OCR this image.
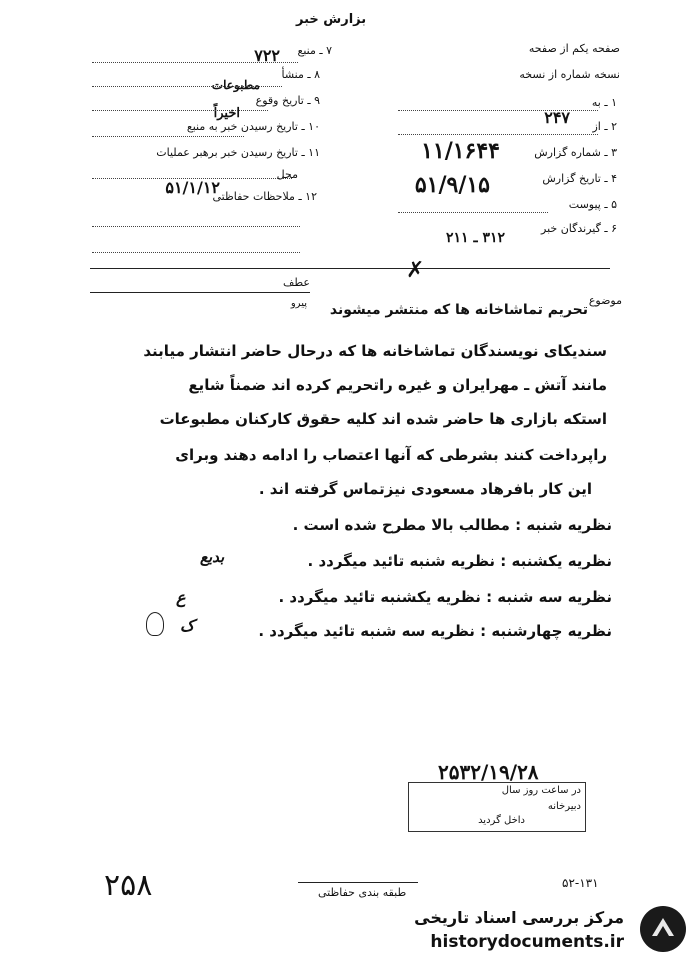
بزارش خبر
صفحه یکم از صفحه
نسخه شماره از نسخه
۱ ـ به
۲ ـ از
۲۴۷
۳ ـ شماره گزارش
۱۱/۱۶۴۴
۴ ـ تاریخ گزارش
۵۱/۹/۱۵
۵ ـ پیوست
۶ ـ گیرندگان خبر
۳۱۲ ـ ۲۱۱
۷ ـ منبع
۷۲۲
۸ ـ منشأ
مطبوعات
۹ ـ تاریخ وقوع
اخیراً
۱۰ ـ تاریخ رسیدن خبر به منبع
۱۱ ـ تاریخ رسیدن خبر برهبر عملیات
محل
۵۱/۱/۱۲
۱۲ ـ ملاحظات حفاظتی
✗
عطف
پیرو	موضوع
تحریم تماشاخانه ها که منتشر میشوند
سندیکای نویسندگان تماشاخانه ها که درحال حاضر انتشار میابند
مانند آتش ـ مهرایران و غیره راتحریم کرده اند ضمناً شایع
استکه بازاری ها حاضر شده اند کلیه حقوق کارکنان مطبوعات
راپرداخت کنند بشرطی که آنها اعتصاب را ادامه دهند وبرای
این کار بافرهاد مسعودی نیزتماس گرفته اند .
نظریه شنبه : مطالب بالا مطرح شده است .
نظریه یکشنبه : نظریه شنبه تائید میگردد .
نظریه سه شنبه : نظریه یکشنبه تائید میگردد .
نظریه چهارشنبه : نظریه سه شنبه تائید میگردد .
بدیع
ع
ک
۲۵۳۲/۱۹/۲۸
در ساعت روز سال
دبیرخانه
داخل گردید
۲۵۸	طبقه بندی حفاظتی
۵۲-۱۳۱
مرکز بررسی اسناد تاریخی
historydocuments.ir
